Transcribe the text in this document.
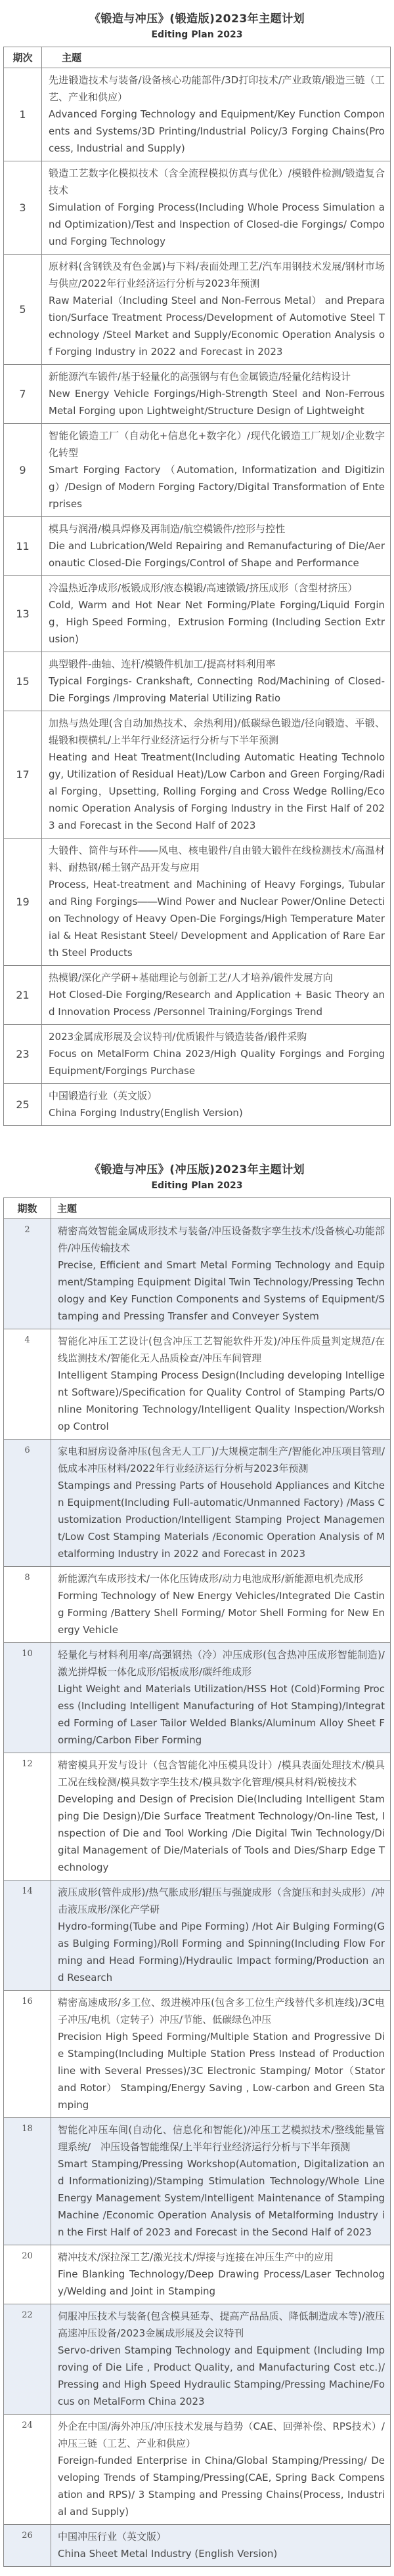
《锻造与冲压》(锻造版)2023年主题计划
Editing Plan 2023
期次	主题
1	先进锻造技术与装备/设备核心功能部件/3D打印技术/产业政策/锻造三链（工艺、产业和供应）
Advanced Forging Technology and Equipment/Key Function Components and Systems/3D Printing/Industrial Policy/3 Forging Chains(Process, Industrial and Supply)

3	锻造工艺数字化模拟技术（含全流程模拟仿真与优化）/模锻件检测/锻造复合技术
Simulation of Forging Process(Including Whole Process Simulation and Optimization)/Test and Inspection of Closed-die Forgings/ Compound Forging Technology

5	原材料(含钢铁及有色金属)与下料/表面处理工艺/汽车用钢技术发展/钢材市场与供应/2022年行业经济运行分析与2023年预测
Raw Material（Including Steel and Non-Ferrous Metal） and Preparation/Surface Treatment Process/Development of Automotive Steel Technology /Steel Market and Supply/Economic Operation Analysis of Forging Industry in 2022 and Forecast in 2023

7	新能源汽车锻件/基于轻量化的高强钢与有色金属锻造/轻量化结构设计
New Energy Vehicle Forgings/High-Strength Steel and Non-Ferrous Metal Forging upon Lightweight/Structure Design of Lightweight

9	智能化锻造工厂（自动化+信息化+数字化）/现代化锻造工厂规划/企业数字化转型
Smart Forging Factory （Automation, Informatization and Digitizing）/Design of Modern Forging Factory/Digital Transformation of Enterprises

11	模具与润滑/模具焊修及再制造/航空模锻件/控形与控性
Die and Lubrication/Weld Repairing and Remanufacturing of Die/Aeronautic Closed-Die Forgings/Control of Shape and Performance

13	冷温热近净成形/板锻成形/液态模锻/高速镦锻/挤压成形（含型材挤压）
Cold, Warm and Hot Near Net Forming/Plate Forging/Liquid Forging，High Speed Forming，Extrusion Forming (Including Section Extrusion)

15	典型锻件-曲轴、连杆/模锻件机加工/提高材料利用率
Typical Forgings- Crankshaft, Connecting Rod/Machining of Closed-Die Forgings /Improving Material Utilizing Ratio

17	加热与热处理(含自动加热技术、余热利用)/低碳绿色锻造/径向锻造、平锻、辊锻和楔横轧/上半年行业经济运行分析与下半年预测
Heating and Heat Treatment(Including Automatic Heating Technology, Utilization of Residual Heat)/Low Carbon and Green Forging/Radial Forging，Upsetting, Rolling Forging and Cross Wedge Rolling/Economic Operation Analysis of Forging Industry in the First Half of 2023 and Forecast in the Second Half of 2023

19	大锻件、筒件与环件――风电、核电锻件/自由锻大锻件在线检测技术/高温材料、耐热钢/稀土钢产品开发与应用
Process, Heat-treatment and Machining of Heavy Forgings, Tubular and Ring Forgings――Wind Power and Nuclear Power/Online Detection Technology of Heavy Open-Die Forgings/High Temperature Material & Heat Resistant Steel/ Development and Application of Rare Earth Steel Products

21	热模锻/深化产学研+基础理论与创新工艺/人才培养/锻件发展方向
Hot Closed-Die Forging/Research and Application + Basic Theory and Innovation Process /Personnel Training/Forgings Trend

23	2023金属成形展及会议特刊/优质锻件与锻造装备/锻件采购
Focus on MetalForm China 2023/High Quality Forgings and Forging Equipment/Forgings Purchase

25	中国锻造行业（英文版）
China Forging Industry(English Version)
《锻造与冲压》(冲压版)2023年主题计划
Editing Plan 2023
期数	主题
2	精密高效智能金属成形技术与装备/冲压设备数字孪生技术/设备核心功能部件/冲压传输技术
Precise, Efficient and Smart Metal Forming Technology and Equipment/Stamping Equipment Digital Twin Technology/Pressing Technology and Key Function Components and Systems of Equipment/Stamping and Pressing Transfer and Conveyer System

4	智能化冲压工艺设计(包含冲压工艺智能软件开发)/冲压件质量判定规范/在线监测技术/智能化无人品质检查/冲压车间管理
Intelligent Stamping Process Design(Including developing Intelligent Software)/Specification for Quality Control of Stamping Parts/Online Monitoring Technology/Intelligent Quality Inspection/Workshop Control

6	家电和厨房设备冲压(包含无人工厂)/大规模定制生产/智能化冲压项目管理/低成本冲压材料/2022年行业经济运行分析与2023年预测
Stampings and Pressing Parts of Household Appliances and Kitchen Equipment(Including Full-automatic/Unmanned Factory) /Mass Customization Production/Intelligent Stamping Project Management/Low Cost Stamping Materials /Economic Operation Analysis of Metalforming Industry in 2022 and Forecast in 2023

8	新能源汽车成形技术/一体化压铸成形/动力电池成形/新能源电机壳成形
Forming Technology of New Energy Vehicles/Integrated Die Casting Forming /Battery Shell Forming/ Motor Shell Forming for New Energy Vehicle

10	轻量化与材料利用率/高强钢热（冷）冲压成形(包含热冲压成形智能制造)/激光拼焊板一体化成形/铝板成形/碳纤维成形
Light Weight and Materials Utilization/HSS Hot (Cold)Forming Process (Including Intelligent Manufacturing of Hot Stamping)/Integrated Forming of Laser Tailor Welded Blanks/Aluminum Alloy Sheet Forming/Carbon Fiber Forming

12	精密模具开发与设计（包含智能化冲压模具设计）/模具表面处理技术/模具工况在线检测/模具数字孪生技术/模具数字化管理/模具材料/锐棱技术
Developing and Design of Precision Die(Including Intelligent Stamping Die Design)/Die Surface Treatment Technology/On-line Test, Inspection of Die and Tool Working /Die Digital Twin Technology/Digital Management of Die/Materials of Tools and Dies/Sharp Edge Technology

14	液压成形(管件成形)/热气胀成形/辊压与强旋成形（含旋压和封头成形）/冲击液压成形/深化产学研
Hydro-forming(Tube and Pipe Forming) /Hot Air Bulging Forming(Gas Bulging Forming)/Roll Forming and Spinning(Including Flow Forming and Head Forming)/Hydraulic Impact forming/Production and Research

16	精密高速成形/多工位、级进模冲压(包含多工位生产线替代多机连线)/3C电子冲压/电机（定转子）冲压/节能、低碳绿色冲压
Precision High Speed Forming/Multiple Station and Progressive Die Stamping(Including Multiple Station Press Instead of Production line with Several Presses)/3C Electronic Stamping/ Motor（Stator and Rotor） Stamping/Energy Saving , Low-carbon and Green Stamping

18	智能化冲压车间(自动化、信息化和智能化)/冲压工艺模拟技术/整线能量管理系统/　冲压设备智能维保/上半年行业经济运行分析与下半年预测
Smart Stamping/Pressing Workshop(Automation, Digitalization and Informationizing)/Stamping Stimulation Technology/Whole Line Energy Management System/Intelligent Maintenance of Stamping Machine /Economic Operation Analysis of Metalforming Industry in the First Half of 2023 and Forecast in the Second Half of 2023

20	精冲技术/深拉深工艺/激光技术/焊接与连接在冲压生产中的应用
Fine Blanking Technology/Deep Drawing Process/Laser Technology/Welding and Joint in Stamping

22	伺服冲压技术与装备(包含模具延寿、提高产品品质、降低制造成本等)/液压高速冲压设备/2023金属成形展及会议特刊
Servo-driven Stamping Technology and Equipment (Including Improving of Die Life , Product Quality, and Manufacturing Cost etc.)/Pressing and High Speed Hydraulic Stamping/Pressing Machine/Focus on MetalForm China 2023

24	外企在中国/海外冲压/冲压技术发展与趋势（CAE、回弹补偿、RPS技术）/冲压三链（工艺、产业和供应）
Foreign-funded Enterprise in China/Global Stamping/Pressing/ Developing Trends of Stamping/Pressing(CAE, Spring Back Compensation and RPS)/ 3 Stamping and Pressing Chains(Process, Industrial and Supply)

26	中国冲压行业（英文版）
China Sheet Metal Industry (English Version)
